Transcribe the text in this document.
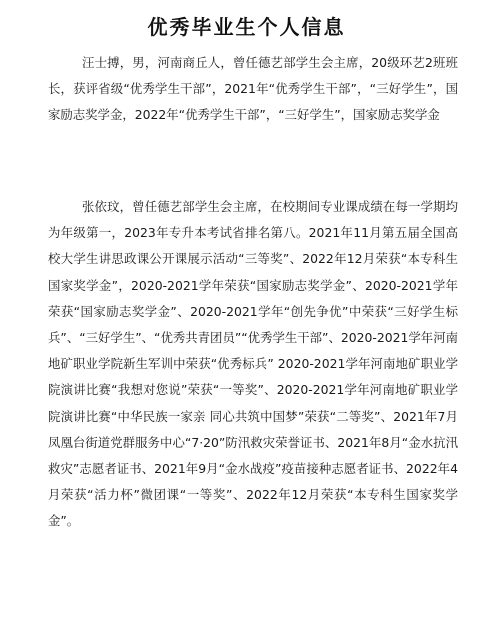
优秀毕业生个人信息

汪士搏，男，河南商丘人，曾任德艺部学生会主席，20级环艺2班班长，获评省级“优秀学生干部”，2021年“优秀学生干部”，“三好学生”，国家励志奖学金，2022年“优秀学生干部”，“三好学生”，国家励志奖学金

张依玟，曾任德艺部学生会主席，在校期间专业课成绩在每一学期均为年级第一，2023年专升本考试省排名第八。2021年11月第五届全国高校大学生讲思政课公开课展示活动“三等奖”、2022年12月荣获“本专科生国家奖学金”，2020-2021学年荣获“国家励志奖学金”、2020-2021学年荣获“国家励志奖学金”、2020-2021学年“创先争优”中荣获“三好学生标兵”、“三好学生”、“优秀共青团员”“优秀学生干部”、2020-2021学年河南地矿职业学院新生军训中荣获“优秀标兵” 2020-2021学年河南地矿职业学院演讲比赛“我想对您说”荣获“一等奖”、2020-2021学年河南地矿职业学院演讲比赛“中华民族一家亲 同心共筑中国梦”荣获“二等奖”、2021年7月凤凰台街道党群服务中心“7·20”防汛救灾荣誉证书、2021年8月“金水抗汛救灾”志愿者证书、2021年9月“金水战疫”疫苗接种志愿者证书、2022年4月荣获“活力杯”微团课“一等奖”、2022年12月荣获“本专科生国家奖学金”。
